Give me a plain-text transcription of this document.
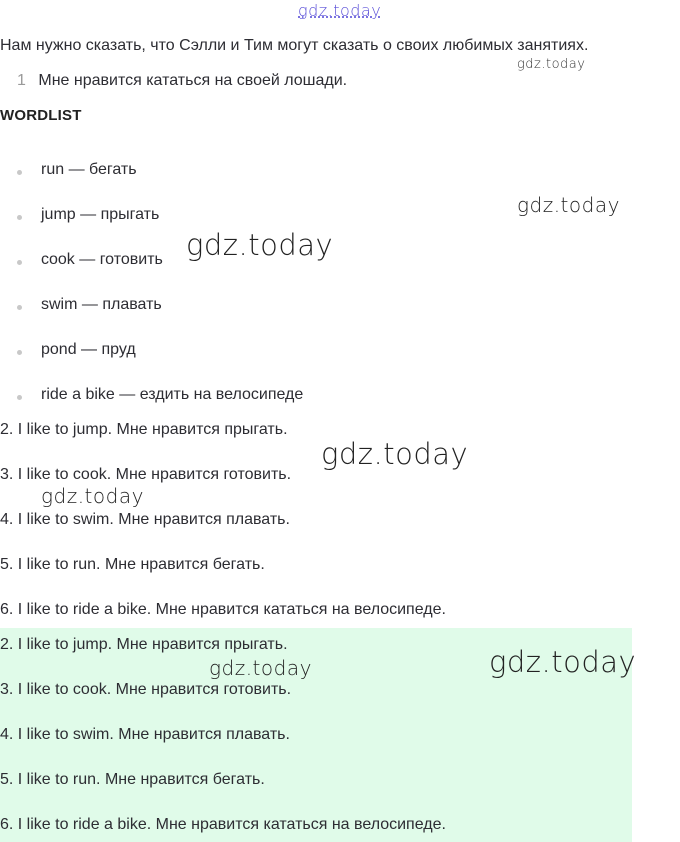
gdz.today
gdz.today
gdz.today
gdz.today
gdz.today
gdz.today
gdz.today	gdz.today
Нам нужно сказать, что Сэлли и Тим могут сказать о своих любимых занятиях.
1 Мне нравится кататься на своей лошади.
WORDLIST
run — бегать
jump — прыгать
cook — готовить
swim — плавать
pond — пруд
ride a bike — ездить на велосипеде
2. I like to jump. Мне нравится прыгать.
3. I like to cook. Мне нравится готовить.
4. I like to swim. Мне нравится плавать.
5. I like to run. Мне нравится бегать.
6. I like to ride a bike. Мне нравится кататься на велосипеде.
2. I like to jump. Мне нравится прыгать.
3. I like to cook. Мне нравится готовить.
4. I like to swim. Мне нравится плавать.
5. I like to run. Мне нравится бегать.
6. I like to ride a bike. Мне нравится кататься на велосипеде.
